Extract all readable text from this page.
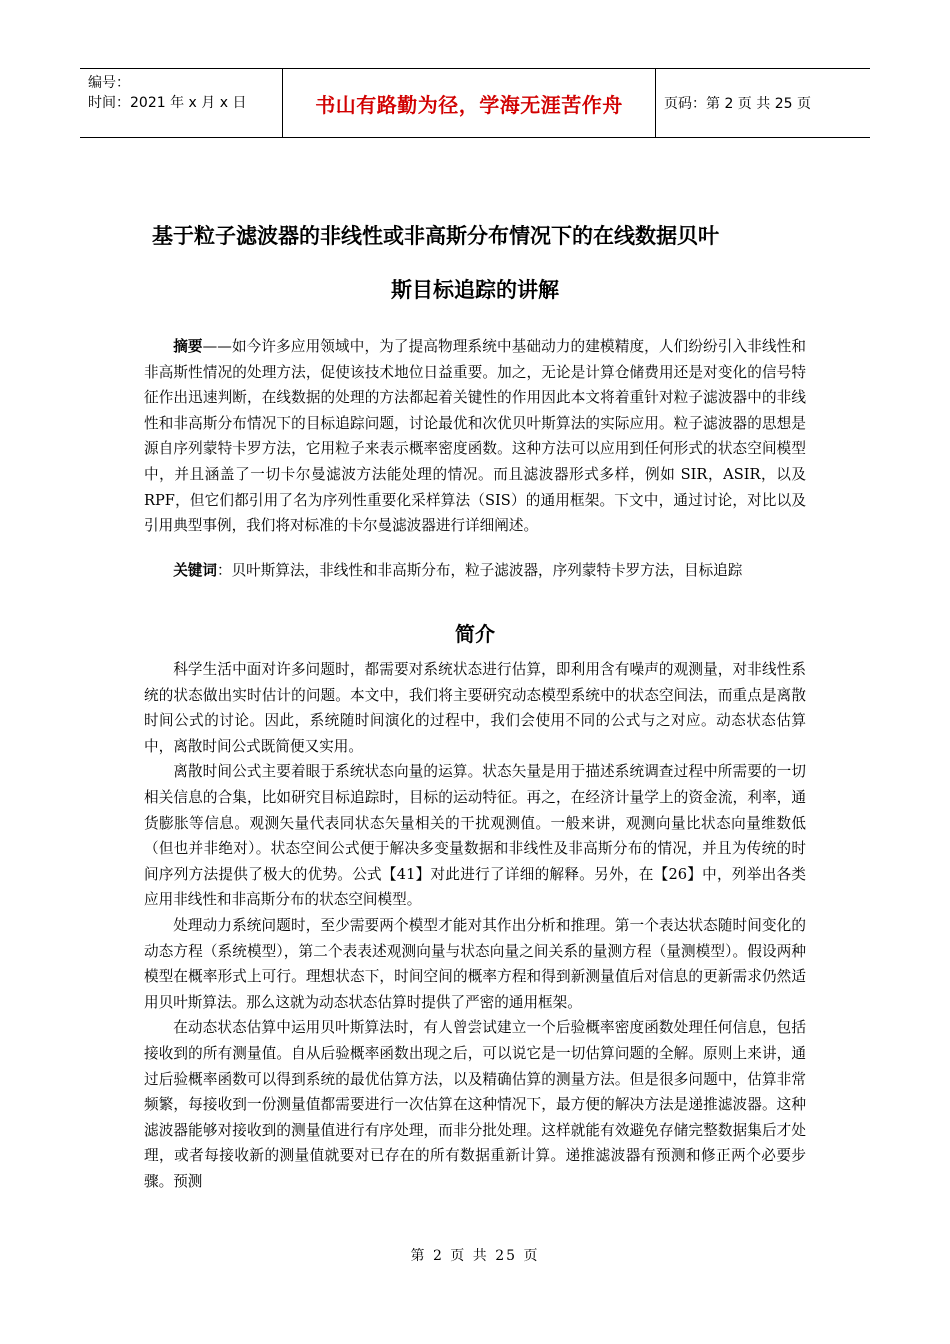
编号：
时间：2021 年 x 月 x 日	书山有路勤为径，学海无涯苦作舟	页码：第 2 页 共 25 页
基于粒子滤波器的非线性或非高斯分布情况下的在线数据贝叶
斯目标追踪的讲解

摘要——如今许多应用领域中，为了提高物理系统中基础动力的建模精度，人们纷纷引入非线性和非高斯性情况的处理方法，促使该技术地位日益重要。加之，无论是计算仓储费用还是对变化的信号特征作出迅速判断，在线数据的处理的方法都起着关键性的作用因此本文将着重针对粒子滤波器中的非线性和非高斯分布情况下的目标追踪问题，讨论最优和次优贝叶斯算法的实际应用。粒子滤波器的思想是源自序列蒙特卡罗方法，它用粒子来表示概率密度函数。这种方法可以应用到任何形式的状态空间模型中，并且涵盖了一切卡尔曼滤波方法能处理的情况。而且滤波器形式多样，例如 SIR，ASIR，以及 RPF，但它们都引用了名为序列性重要化采样算法（SIS）的通用框架。下文中，通过讨论，对比以及引用典型事例，我们将对标准的卡尔曼滤波器进行详细阐述。

关键词：贝叶斯算法，非线性和非高斯分布，粒子滤波器，序列蒙特卡罗方法，目标追踪

简介

科学生活中面对许多问题时，都需要对系统状态进行估算，即利用含有噪声的观测量，对非线性系统的状态做出实时估计的问题。本文中，我们将主要研究动态模型系统中的状态空间法，而重点是离散时间公式的讨论。因此，系统随时间演化的过程中，我们会使用不同的公式与之对应。动态状态估算中，离散时间公式既简便又实用。

离散时间公式主要着眼于系统状态向量的运算。状态矢量是用于描述系统调查过程中所需要的一切相关信息的合集，比如研究目标追踪时，目标的运动特征。再之，在经济计量学上的资金流，利率，通货膨胀等信息。观测矢量代表同状态矢量相关的干扰观测值。一般来讲，观测向量比状态向量维数低（但也并非绝对）。状态空间公式便于解决多变量数据和非线性及非高斯分布的情况，并且为传统的时间序列方法提供了极大的优势。公式【41】对此进行了详细的解释。另外，在【26】中，列举出各类应用非线性和非高斯分布的状态空间模型。

处理动力系统问题时，至少需要两个模型才能对其作出分析和推理。第一个表达状态随时间变化的动态方程（系统模型），第二个表表述观测向量与状态向量之间关系的量测方程（量测模型）。假设两种模型在概率形式上可行。理想状态下，时间空间的概率方程和得到新测量值后对信息的更新需求仍然适用贝叶斯算法。那么这就为动态状态估算时提供了严密的通用框架。

在动态状态估算中运用贝叶斯算法时，有人曾尝试建立一个后验概率密度函数处理任何信息，包括接收到的所有测量值。自从后验概率函数出现之后，可以说它是一切估算问题的全解。原则上来讲，通过后验概率函数可以得到系统的最优估算方法，以及精确估算的测量方法。但是很多问题中，估算非常频繁，每接收到一份测量值都需要进行一次估算在这种情况下，最方便的解决方法是递推滤波器。这种滤波器能够对接收到的测量值进行有序处理，而非分批处理。这样就能有效避免存储完整数据集后才处理，或者每接收新的测量值就要对已存在的所有数据重新计算。递推滤波器有预测和修正两个必要步骤。预测

第 2 页 共 25 页
